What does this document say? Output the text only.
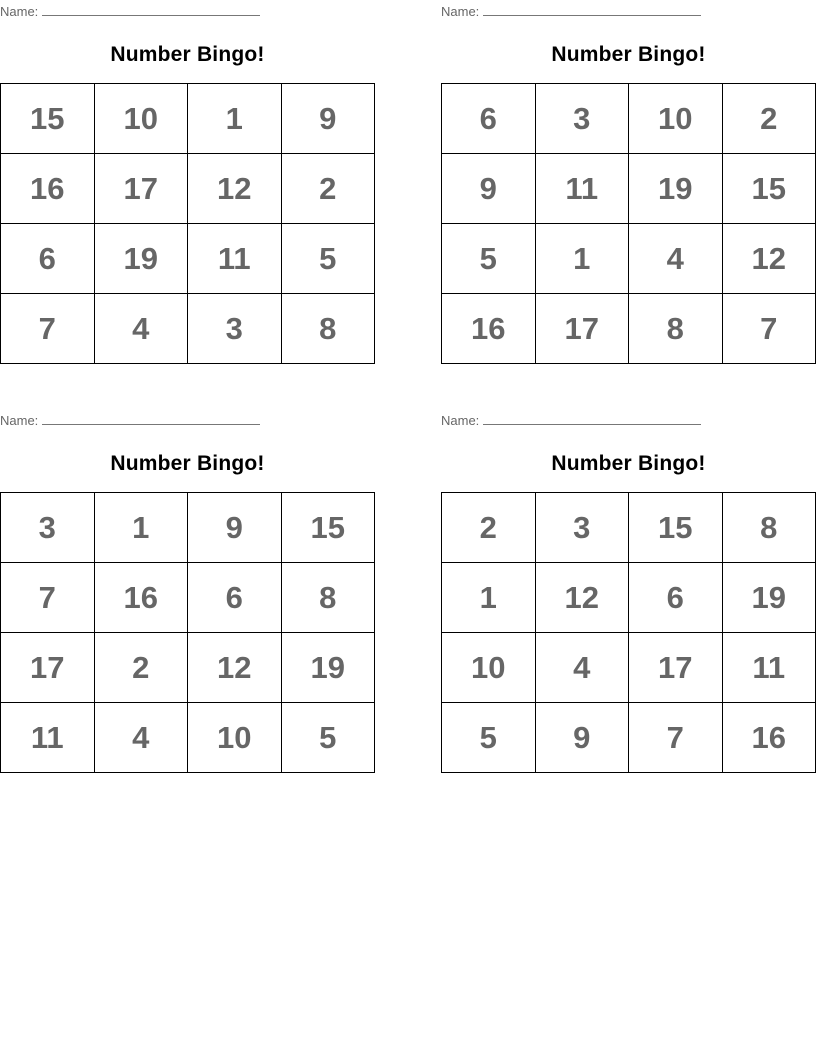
Name:
Number Bingo!
15	10	1	9
16	17	12	2
6	19	11	5
7	4	3	8
Name:
Number Bingo!
6	3	10	2
9	11	19	15
5	1	4	12
16	17	8	7
Name:
Number Bingo!
3	1	9	15
7	16	6	8
17	2	12	19
11	4	10	5
Name:
Number Bingo!
2	3	15	8
1	12	6	19
10	4	17	11
5	9	7	16
